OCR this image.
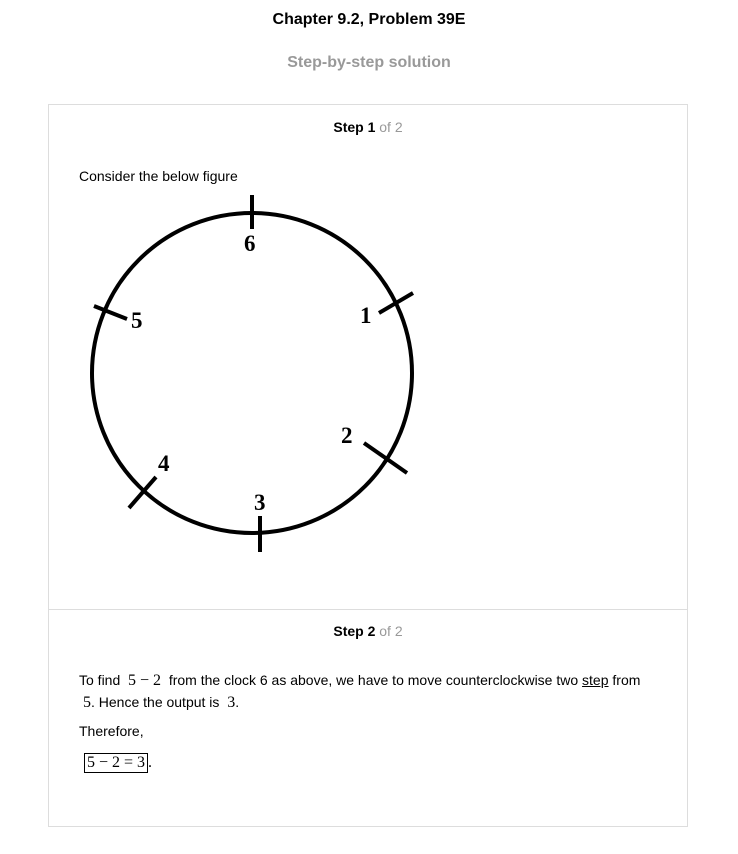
Chapter 9.2, Problem 39E
Step-by-step solution
Step 1 of 2
Consider the below figure
6
1
5
2
4
3
Step 2 of 2
To find 5 − 2 from the clock 6 as above, we have to move counterclockwise two step from
5. Hence the output is 3.
Therefore,
5 − 2 = 3 .
